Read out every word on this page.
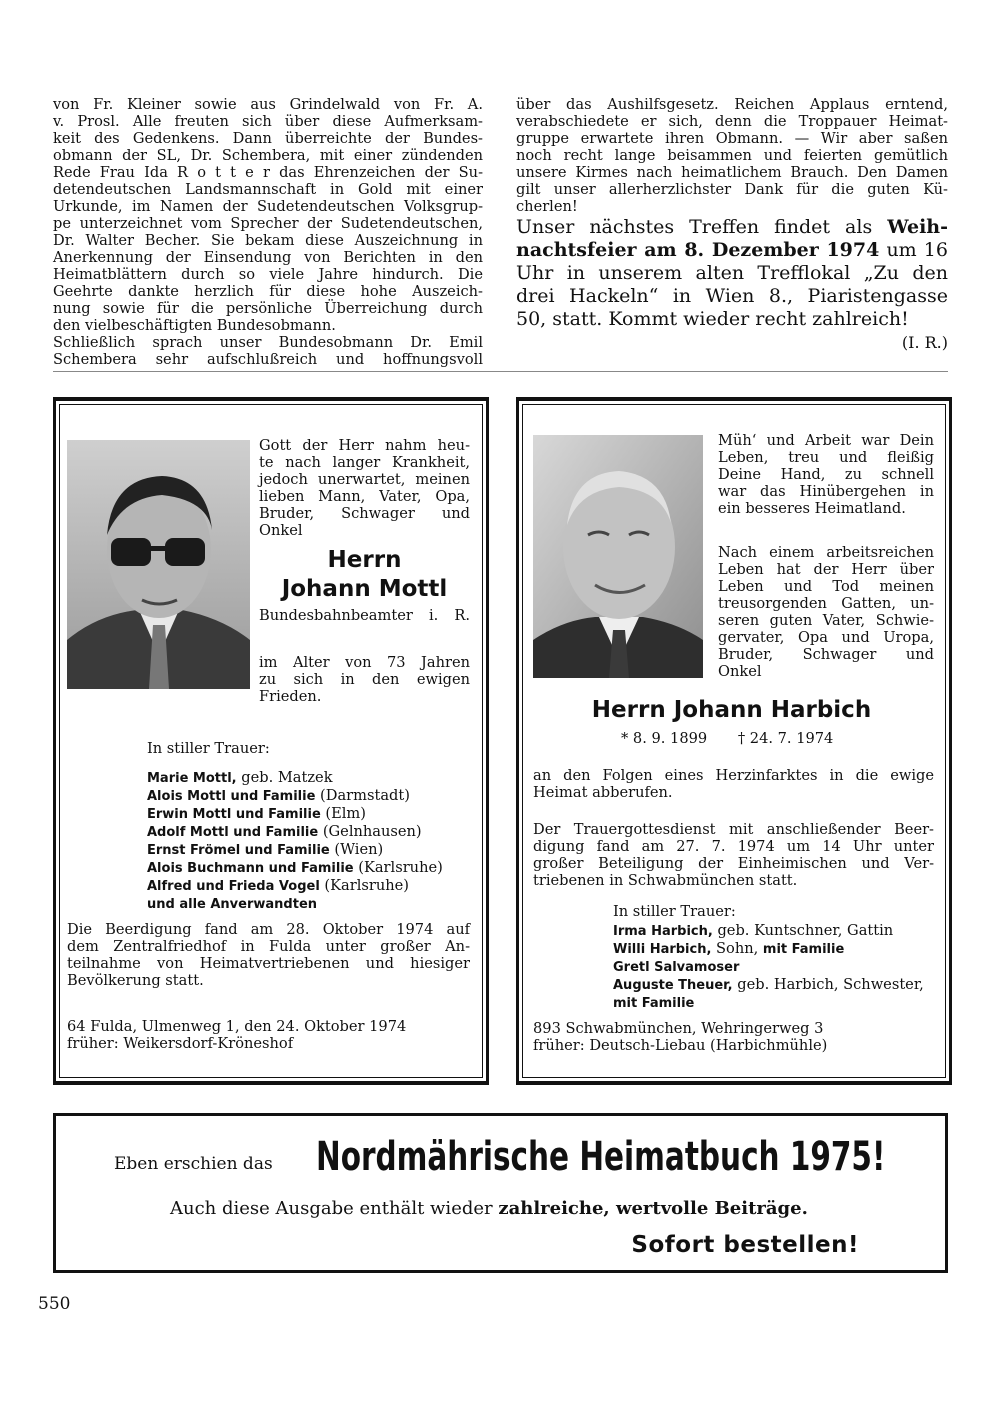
von Fr. Kleiner sowie aus Grindelwald von Fr. A.
v. Prosl. Alle freuten sich über diese Aufmerksam-
keit des Gedenkens. Dann überreichte der Bundes-
obmann der SL, Dr. Schembera, mit einer zündenden
Rede Frau Ida R o t t e r das Ehrenzeichen der Su-
detendeutschen Landsmannschaft in Gold mit einer
Urkunde, im Namen der Sudetendeutschen Volksgrup-
pe unterzeichnet vom Sprecher der Sudetendeutschen,
Dr. Walter Becher. Sie bekam diese Auszeichnung in
Anerkennung der Einsendung von Berichten in den
Heimatblättern durch so viele Jahre hindurch. Die
Geehrte dankte herzlich für diese hohe Auszeich-
nung sowie für die persönliche Überreichung durch
den vielbeschäftigten Bundesobmann.
Schließlich sprach unser Bundesobmann Dr. Emil
Schembera sehr aufschlußreich und hoffnungsvoll
über das Aushilfsgesetz. Reichen Applaus erntend,
verabschiedete er sich, denn die Troppauer Heimat-
gruppe erwartete ihren Obmann. — Wir aber saßen
noch recht lange beisammen und feierten gemütlich
unsere Kirmes nach heimatlichem Brauch. Den Damen
gilt unser allerherzlichster Dank für die guten Kü-
cherlen!
Unser nächstes Treffen findet als Weih-
nachtsfeier am 8. Dezember 1974 um 16
Uhr in unserem alten Trefflokal „Zu den
drei Hackeln“ in Wien 8., Piaristengasse
50, statt. Kommt wieder recht zahlreich!
(I. R.)
Gott der Herr nahm heu-
te nach langer Krankheit,
jedoch unerwartet, meinen
lieben Mann, Vater, Opa,
Bruder, Schwager und
Onkel
Herrn
Johann Mottl
Bundesbahnbeamter i. R.
im Alter von 73 Jahren
zu sich in den ewigen
Frieden.
In stiller Trauer:
Marie Mottl, geb. Matzek
Alois Mottl und Familie (Darmstadt)
Erwin Mottl und Familie (Elm)
Adolf Mottl und Familie (Gelnhausen)
Ernst Frömel und Familie (Wien)
Alois Buchmann und Familie (Karlsruhe)
Alfred und Frieda Vogel (Karlsruhe)
und alle Anverwandten
Die Beerdigung fand am 28. Oktober 1974 auf
dem Zentralfriedhof in Fulda unter großer An-
teilnahme von Heimatvertriebenen und hiesiger
Bevölkerung statt.
64 Fulda, Ulmenweg 1, den 24. Oktober 1974
früher: Weikersdorf-Kröneshof
Müh‘ und Arbeit war Dein
Leben, treu und fleißig
Deine Hand, zu schnell
war das Hinübergehen in
ein besseres Heimatland.
Nach einem arbeitsreichen
Leben hat der Herr über
Leben und Tod meinen
treusorgenden Gatten, un-
seren guten Vater, Schwie-
gervater, Opa und Uropa,
Bruder, Schwager und
Onkel
Herrn Johann Harbich
* 8. 9. 1899 † 24. 7. 1974
an den Folgen eines Herzinfarktes in die ewige
Heimat abberufen.
Der Trauergottesdienst mit anschließender Beer-
digung fand am 27. 7. 1974 um 14 Uhr unter
großer Beteiligung der Einheimischen und Ver-
triebenen in Schwabmünchen statt.
In stiller Trauer:
Irma Harbich, geb. Kuntschner, Gattin
Willi Harbich, Sohn, mit Familie
Gretl Salvamoser
Auguste Theuer, geb. Harbich, Schwester,
mit Familie
893 Schwabmünchen, Wehringerweg 3
früher: Deutsch-Liebau (Harbichmühle)
Eben erschien das Nordmährische Heimatbuch 1975!
Auch diese Ausgabe enthält wieder zahlreiche, wertvolle Beiträge.
Sofort bestellen!
550
